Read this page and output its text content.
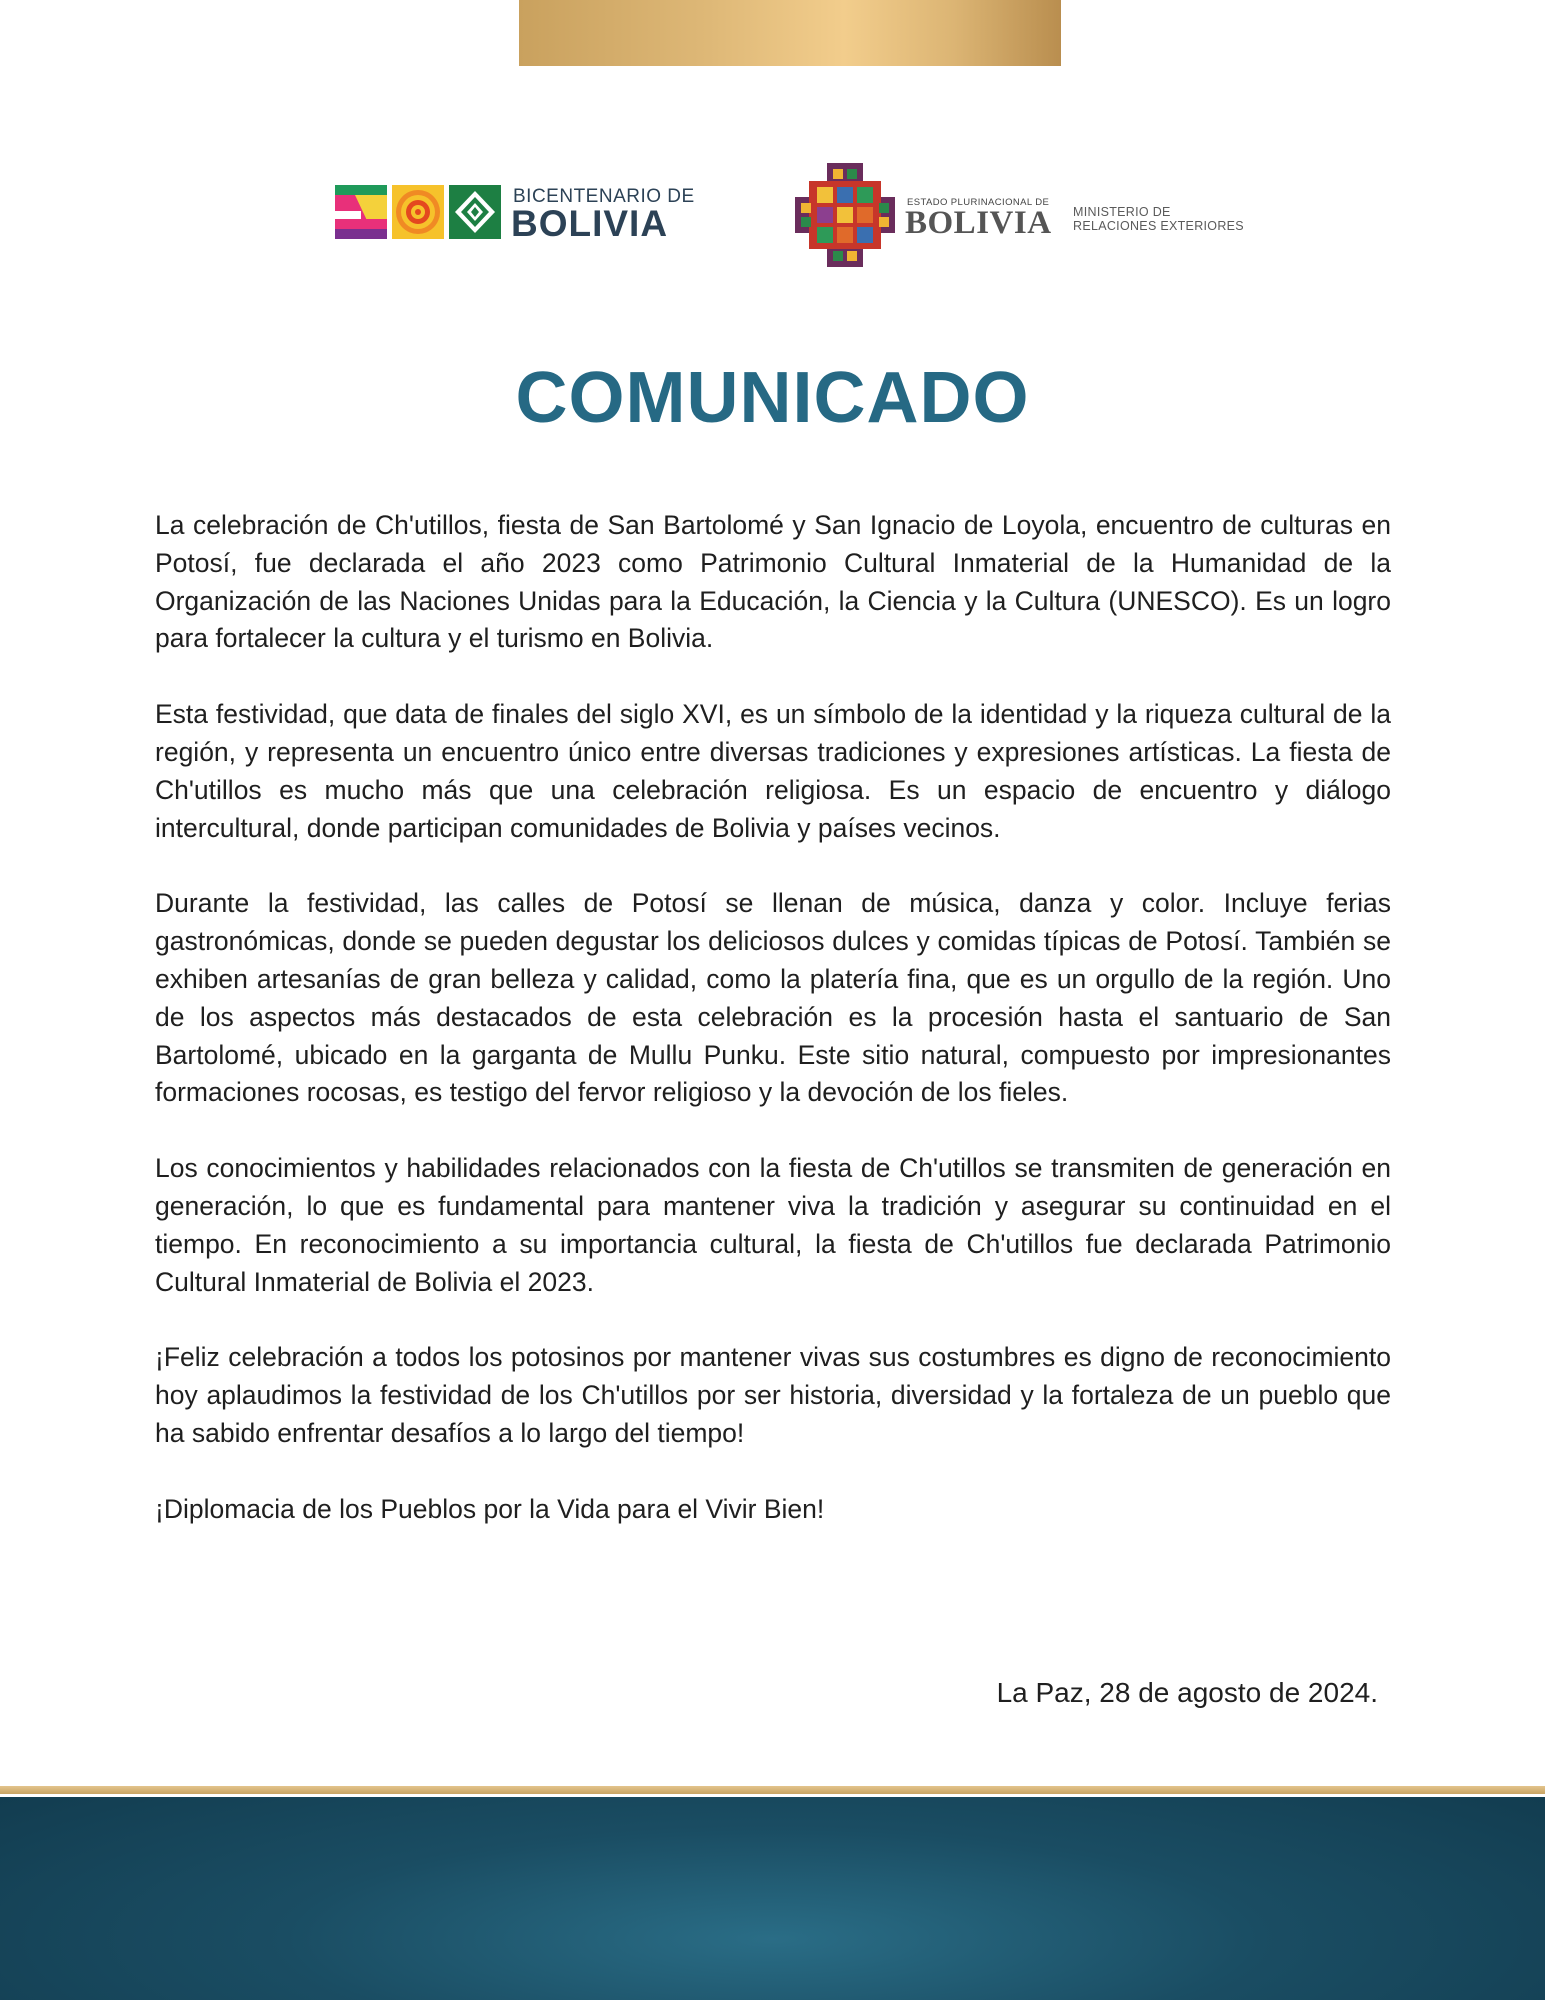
BICENTENARIO DE
BOLIVIA
ESTADO PLURINACIONAL DE
BOLIVIA MINISTERIO DE
RELACIONES EXTERIORES
COMUNICADO

La celebración de Ch'utillos, fiesta de San Bartolomé y San Ignacio de Loyola, encuentro de culturas en Potosí, fue declarada el año 2023 como Patrimonio Cultural Inmaterial de la Humanidad de la Organización de las Naciones Unidas para la Educación, la Ciencia y la Cultura (UNESCO). Es un logro para fortalecer la cultura y el turismo en Bolivia.

Esta festividad, que data de finales del siglo XVI, es un símbolo de la identidad y la riqueza cultural de la región, y representa un encuentro único entre diversas tradiciones y expresiones artísticas. La fiesta de Ch'utillos es mucho más que una celebración religiosa. Es un espacio de encuentro y diálogo intercultural, donde participan comunidades de Bolivia y países vecinos.

Durante la festividad, las calles de Potosí se llenan de música, danza y color. Incluye ferias gastronómicas, donde se pueden degustar los deliciosos dulces y comidas típicas de Potosí. También se exhiben artesanías de gran belleza y calidad, como la platería fina, que es un orgullo de la región. Uno de los aspectos más destacados de esta celebración es la procesión hasta el santuario de San Bartolomé, ubicado en la garganta de Mullu Punku. Este sitio natural, compuesto por impresionantes formaciones rocosas, es testigo del fervor religioso y la devoción de los fieles.

Los conocimientos y habilidades relacionados con la fiesta de Ch'utillos se transmiten de generación en generación, lo que es fundamental para mantener viva la tradición y asegurar su continuidad en el tiempo. En reconocimiento a su importancia cultural, la fiesta de Ch'utillos fue declarada Patrimonio Cultural Inmaterial de Bolivia el 2023.

¡Feliz celebración a todos los potosinos por mantener vivas sus costumbres es digno de reconocimiento hoy aplaudimos la festividad de los Ch'utillos por ser historia, diversidad y la fortaleza de un pueblo que ha sabido enfrentar desafíos a lo largo del tiempo!

¡Diplomacia de los Pueblos por la Vida para el Vivir Bien!

La Paz, 28 de agosto de 2024.
